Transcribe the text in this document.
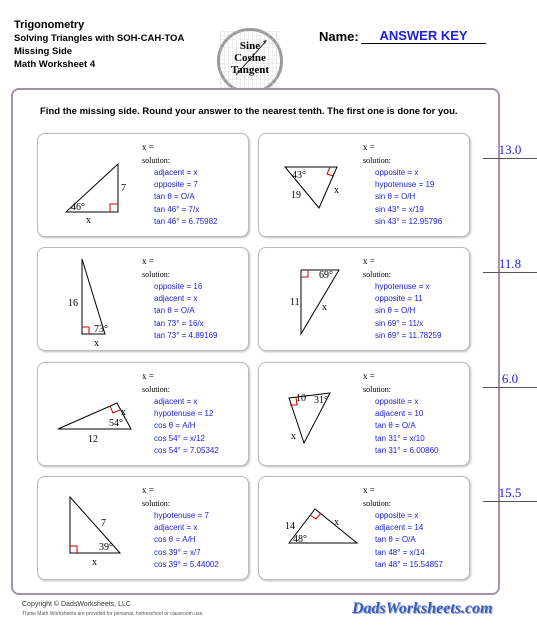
Trigonometry
Solving Triangles with SOH-CAH-TOA
Missing Side
Math Worksheet 4
Sine
Cosine
Tangent
Name:	ANSWER KEY
Find the missing side. Round your answer to the nearest tenth. The first one is done for you.
7
46°
x
x =
solution:
adjacent = x
opposite = 7
tan θ = O/A
tan 46° = 7/x
tan 46° = 6.75982
43°
19	x
x =	13.0
solution:
opposite = x
hypotenuse = 19
sin θ = O/H
sin 43° = x/19
sin 43° = 12.95796
16
73°
x
x =
solution:
opposite = 16
adjacent = x
tan θ = O/A
tan 73° = 16/x
tan 73° = 4.89169
69°
11 x
x =	11.8
solution:
hypotenuse = x
opposite = 11
sin θ = O/H
sin 69° = 11/x
sin 69° = 11.78259
x
54°
12
x =
solution:
adjacent = x
hypotenuse = 12
cos θ = A/H
cos 54° = x/12
cos 54° = 7.05342
10 31°
x
x =	6.0
solution:
opposite = x
adjacent = 10
tan θ = O/A
tan 31° = x/10
tan 31° = 6.00860
7
39°
x
x =
solution:
hypotenuse = 7
adjacent = x
cos θ = A/H
cos 39° = x/7
cos 39° = 5.44002
14	x
48°
x =	15.5
solution:
opposite = x
adjacent = 14
tan θ = O/A
tan 48° = x/14
tan 48° = 15.54857
Copyright © DadsWorksheets, LLC
These Math Worksheets are provided for personal, homeschool or classroom use.	DadsWorksheets.com
